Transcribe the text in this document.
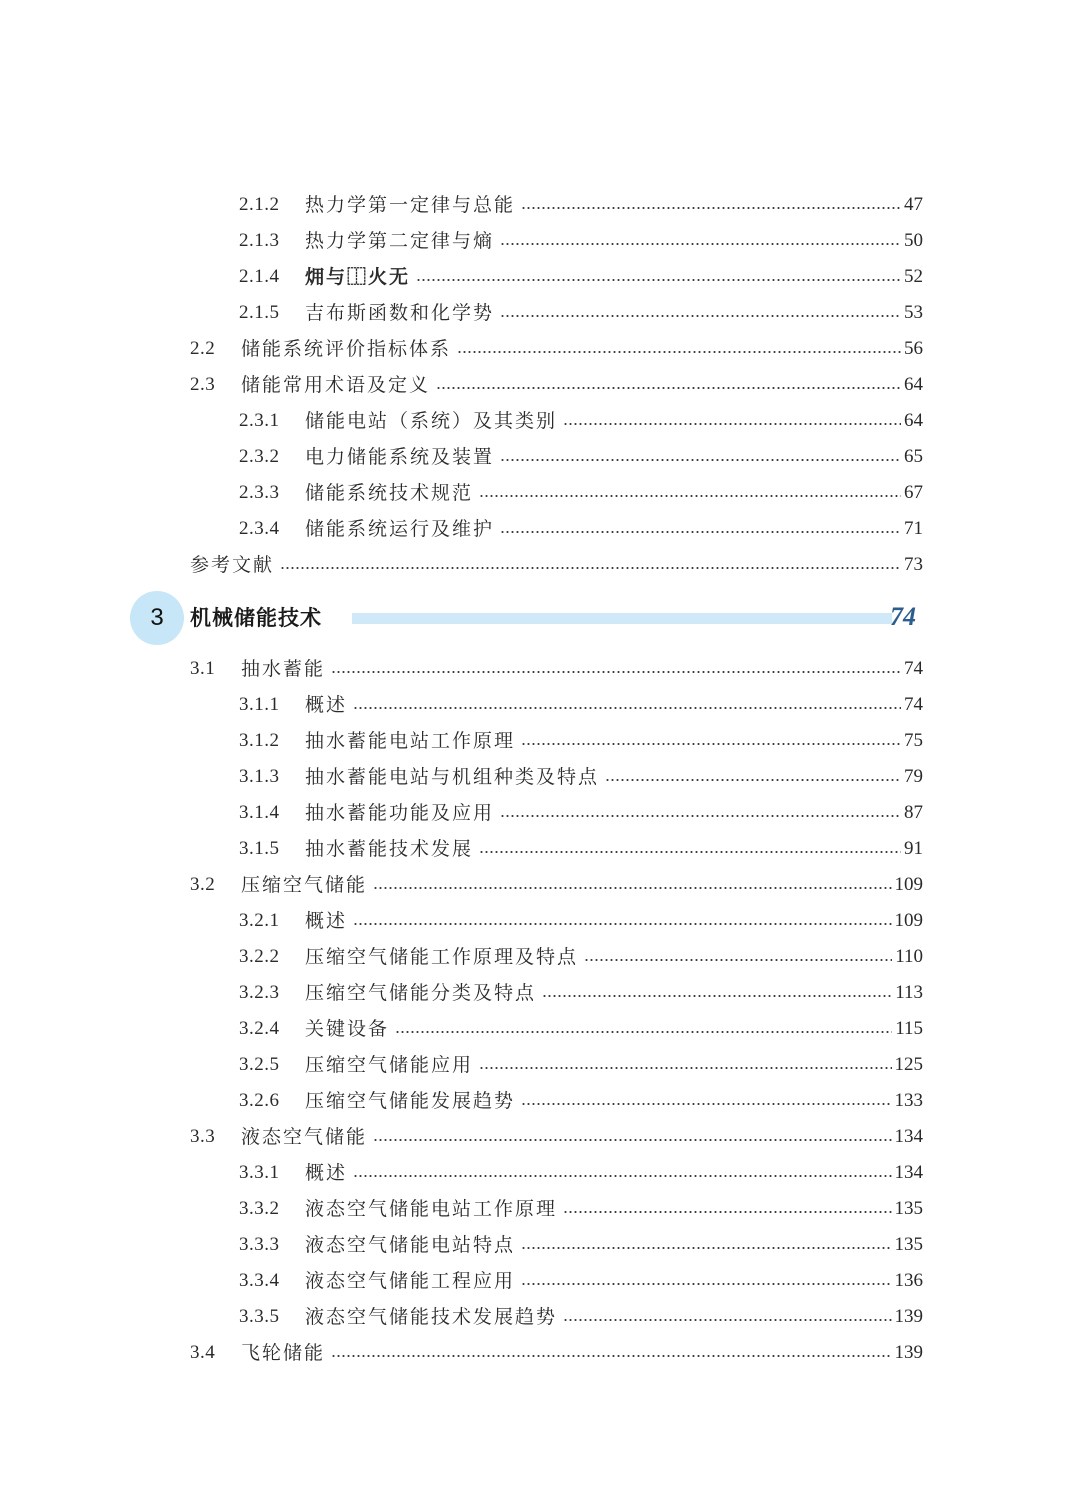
2.1.2	热力学第一定律与总能	47
2.1.3	热力学第二定律与熵	50
2.1.4	㶲与⿰火无	52
2.1.5	吉布斯函数和化学势	53
2.2	储能系统评价指标体系	56
2.3	储能常用术语及定义	64
2.3.1	储能电站（系统）及其类别	64
2.3.2	电力储能系统及装置	65
2.3.3	储能系统技术规范	67
2.3.4	储能系统运行及维护	71
参考文献	73
3 机械储能技术	74
3.1	抽水蓄能	74
3.1.1	概述	74
3.1.2	抽水蓄能电站工作原理	75
3.1.3	抽水蓄能电站与机组种类及特点	79
3.1.4	抽水蓄能功能及应用	87
3.1.5	抽水蓄能技术发展	91
3.2	压缩空气储能	109
3.2.1	概述	109
3.2.2	压缩空气储能工作原理及特点	110
3.2.3	压缩空气储能分类及特点	113
3.2.4	关键设备	115
3.2.5	压缩空气储能应用	125
3.2.6	压缩空气储能发展趋势	133
3.3	液态空气储能	134
3.3.1	概述	134
3.3.2	液态空气储能电站工作原理	135
3.3.3	液态空气储能电站特点	135
3.3.4	液态空气储能工程应用	136
3.3.5	液态空气储能技术发展趋势	139
3.4	飞轮储能	139
